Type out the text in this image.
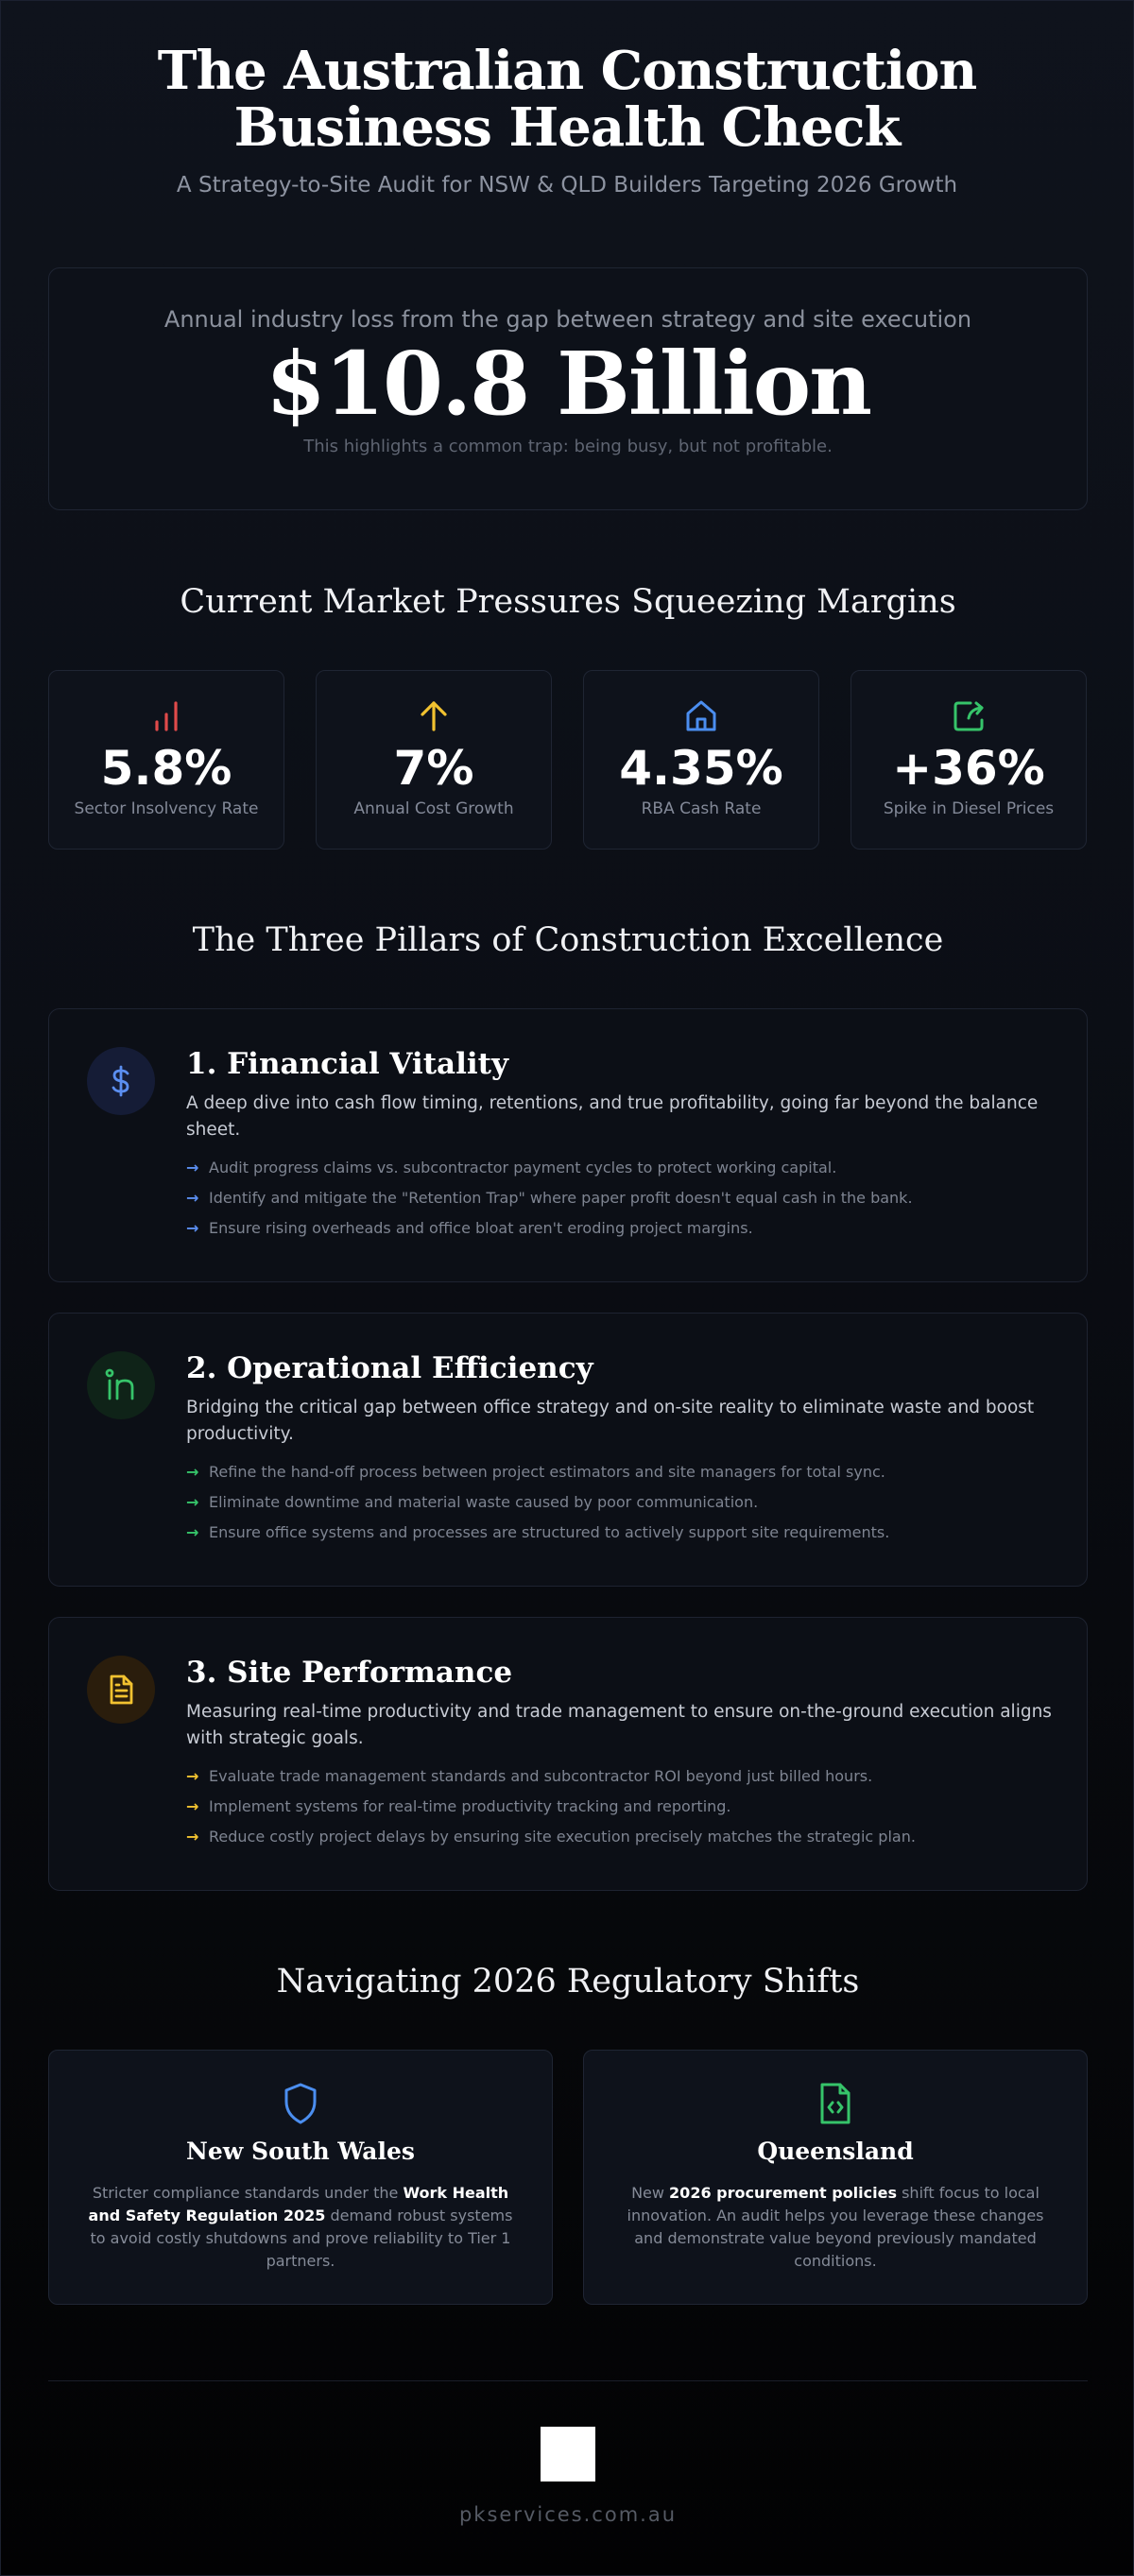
The Australian Construction
Business Health Check
A Strategy-to-Site Audit for NSW & QLD Builders Targeting 2026 Growth
Annual industry loss from the gap between strategy and site execution
$10.8 Billion
This highlights a common trap: being busy, but not profitable.
Current Market Pressures Squeezing Margins
5.8%
Sector Insolvency Rate
7%
Annual Cost Growth
4.35%
RBA Cash Rate
+36%
Spike in Diesel Prices
The Three Pillars of Construction Excellence
1. Financial Vitality
A deep dive into cash flow timing, retentions, and true profitability, going far beyond the balance sheet.
→ Audit progress claims vs. subcontractor payment cycles to protect working capital.
→ Identify and mitigate the "Retention Trap" where paper profit doesn't equal cash in the bank.
→ Ensure rising overheads and office bloat aren't eroding project margins.
2. Operational Efficiency
Bridging the critical gap between office strategy and on-site reality to eliminate waste and boost productivity.
→ Refine the hand-off process between project estimators and site managers for total sync.
→ Eliminate downtime and material waste caused by poor communication.
→ Ensure office systems and processes are structured to actively support site requirements.
3. Site Performance
Measuring real-time productivity and trade management to ensure on-the-ground execution aligns with strategic goals.
→ Evaluate trade management standards and subcontractor ROI beyond just billed hours.
→ Implement systems for real-time productivity tracking and reporting.
→ Reduce costly project delays by ensuring site execution precisely matches the strategic plan.
Navigating 2026 Regulatory Shifts
New South Wales
Stricter compliance standards under the Work Health and Safety Regulation 2025 demand robust systems to avoid costly shutdowns and prove reliability to Tier 1 partners.
Queensland
New 2026 procurement policies shift focus to local innovation. An audit helps you leverage these changes and demonstrate value beyond previously mandated conditions.
pkservices.com.au
